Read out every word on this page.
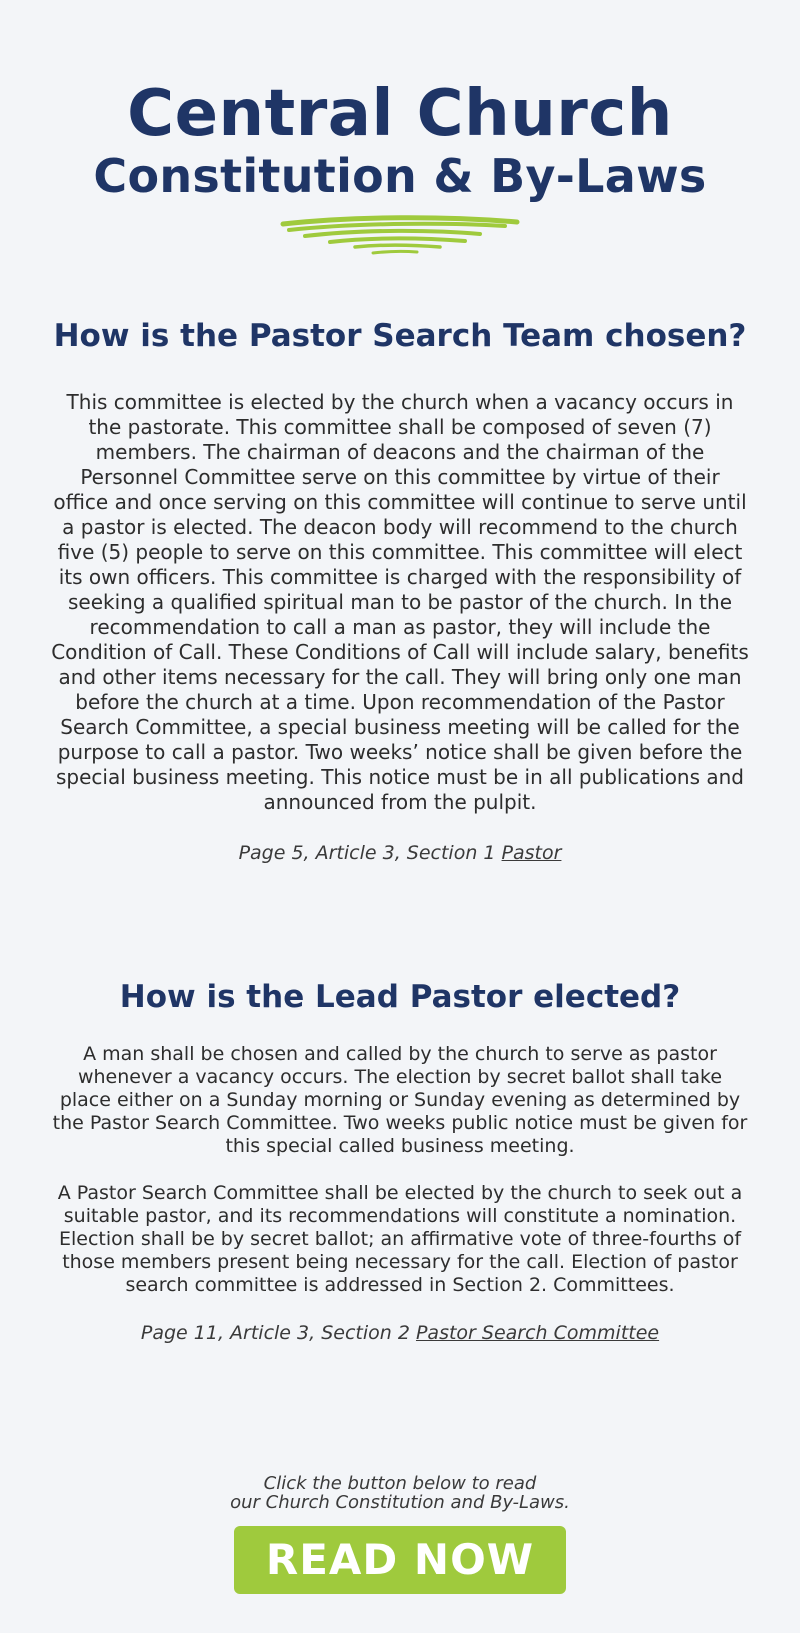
Central Church
Constitution & By-Laws
How is the Pastor Search Team chosen?

This committee is elected by the church when a vacancy occurs in the pastorate. This committee shall be composed of seven (7) members. The chairman of deacons and the chairman of the Personnel Committee serve on this committee by virtue of their office and once serving on this committee will continue to serve until a pastor is elected. The deacon body will recommend to the church five (5) people to serve on this committee. This committee will elect its own officers. This committee is charged with the responsibility of seeking a qualified spiritual man to be pastor of the church. In the recommendation to call a man as pastor, they will include the Condition of Call. These Conditions of Call will include salary, benefits and other items necessary for the call. They will bring only one man before the church at a time. Upon recommendation of the Pastor Search Committee, a special business meeting will be called for the purpose to call a pastor. Two weeks’ notice shall be given before the special business meeting. This notice must be in all publications and announced from the pulpit.

Page 5, Article 3, Section 1 Pastor

How is the Lead Pastor elected?

A man shall be chosen and called by the church to serve as pastor whenever a vacancy occurs. The election by secret ballot shall take place either on a Sunday morning or Sunday evening as determined by the Pastor Search Committee. Two weeks public notice must be given for this special called business meeting.

A Pastor Search Committee shall be elected by the church to seek out a suitable pastor, and its recommendations will constitute a nomination. Election shall be by secret ballot; an affirmative vote of three-fourths of those members present being necessary for the call. Election of pastor search committee is addressed in Section 2. Committees.

Page 11, Article 3, Section 2 Pastor Search Committee

Click the button below to read

our Church Constitution and By-Laws.

READ NOW
